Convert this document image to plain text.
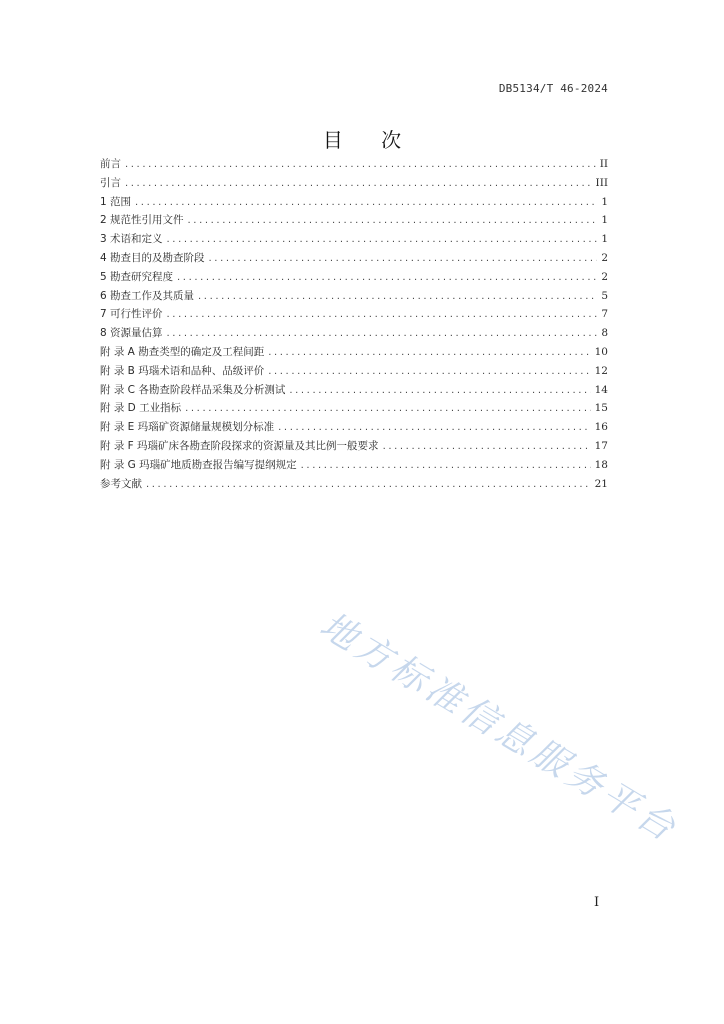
DB5134/T 46-2024
目 次
前言 .....	II
引言 .....	III
1 范围 .....	1
2 规范性引用文件 .....	1
3 术语和定义 .....	1
4 勘查目的及勘查阶段 .....	2
5 勘查研究程度 .....	2
6 勘查工作及其质量 .....	5
7 可行性评价 .....	7
8 资源量估算 .....	8
附 录 A 勘查类型的确定及工程间距 .....	10
附 录 B 玛瑙术语和品种、品级评价 .....	12
附 录 C 各勘查阶段样品采集及分析测试 .....	14
附 录 D 工业指标 .....	15
附 录 E 玛瑙矿资源储量规模划分标准 .....	16
附 录 F 玛瑙矿床各勘查阶段探求的资源量及其比例一般要求 .....	17
附 录 G 玛瑙矿地质勘查报告编写提纲规定 .....	18
参考文献 .....	21
地方标准信息服务平台
I
